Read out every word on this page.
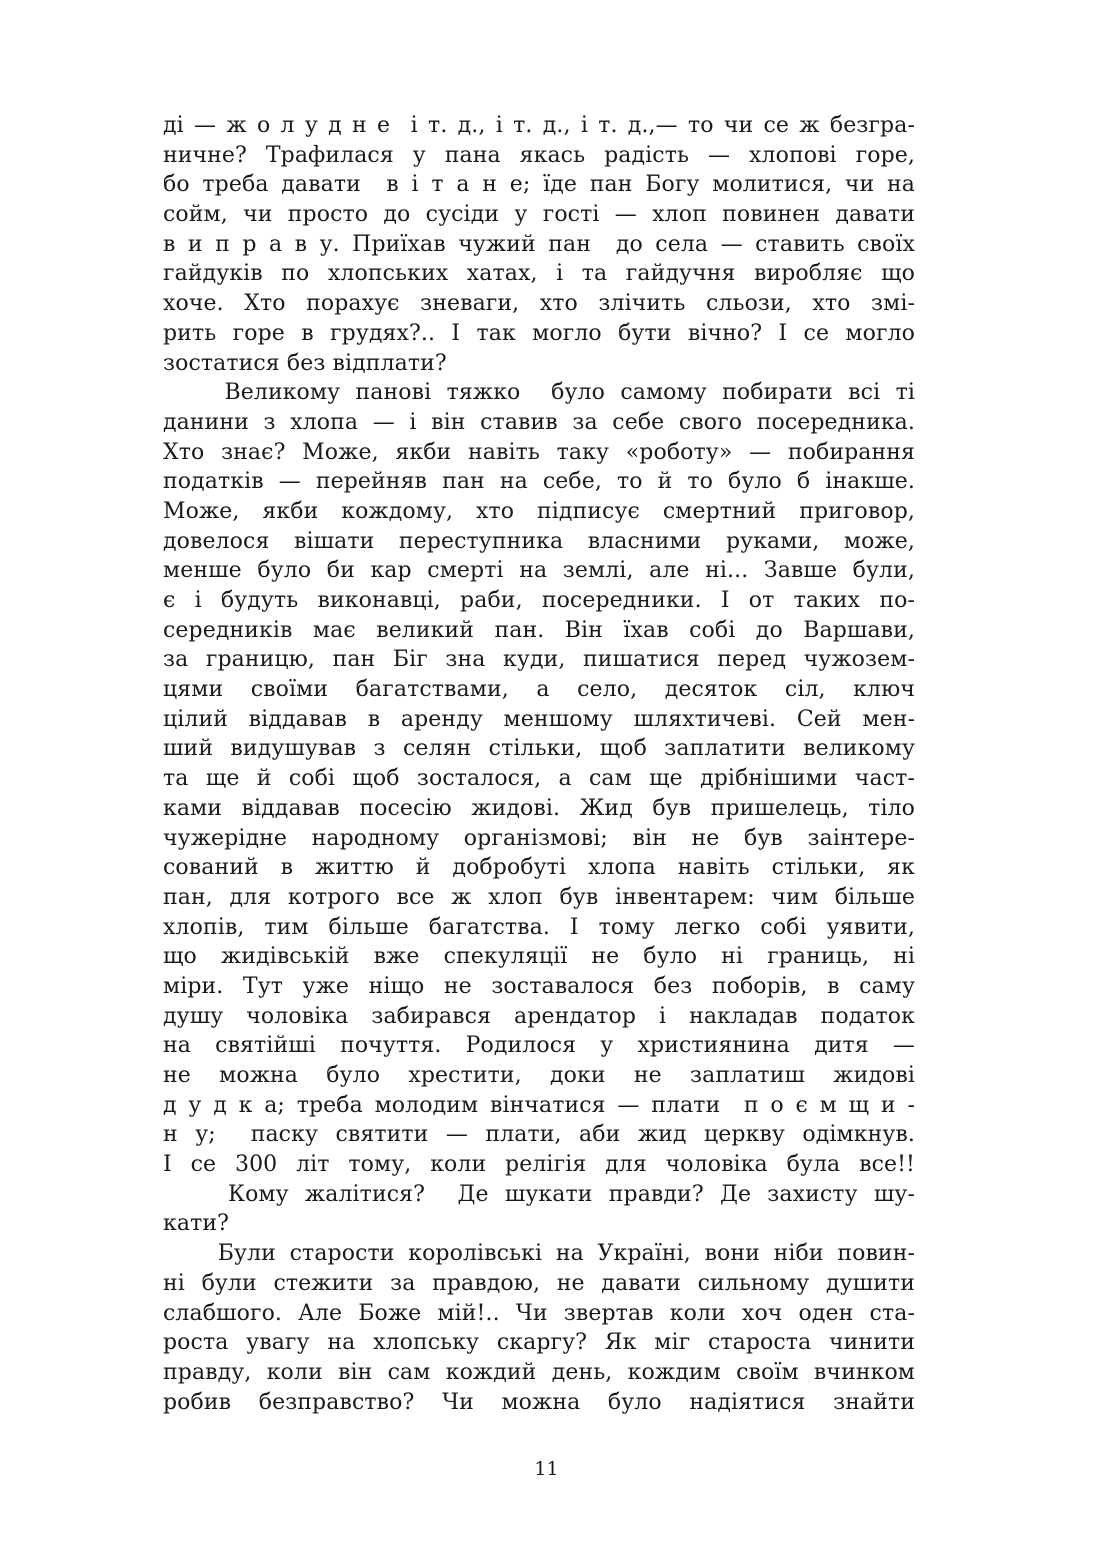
ді — ж о л у д н е  і т. д., і т. д., і т. д.,— то чи се ж безгра-
ничне? Трафилася у пана якась радість — хлопові горе,
бо треба давати  в і т а н е; їде пан Богу молитися, чи на
сойм, чи просто до сусіди у гості — хлоп повинен давати
в и п р а в у. Приїхав чужий пан  до села — ставить своїх
гайдуків по хлопських хатах, і та гайдучня виробляє що
хоче. Хто порахує зневаги, хто злічить сльози, хто змі-
рить горе в грудях?.. І так могло бути вічно? І се могло
зостатися без відплати?
Великому панові тяжко  було самому побирати всі ті
данини з хлопа — і він ставив за себе свого посередника.
Хто знає? Може, якби навіть таку «роботу» — побирання
податків — перейняв пан на себе, то й то було б інакше.
Може, якби кождому, хто підписує смертний приговор,
довелося вішати переступника власними руками, може,
менше було би кар смерті на землі, але ні... Завше були,
є і будуть виконавці, раби, посередники. І от таких по-
середників має великий пан. Він їхав собі до Варшави,
за границю, пан Біг зна куди, пишатися перед чужозем-
цями своїми багатствами, а село, десяток сіл, ключ
цілий віддавав в аренду меншому шляхтичеві. Сей мен-
ший видушував з селян стільки, щоб заплатити великому
та ще й собі щоб зосталося, а сам ще дрібнішими част-
ками віддавав посесію жидові. Жид був пришелець, тіло
чужерідне народному організмові; він не був заінтере-
сований в життю й добробуті хлопа навіть стільки, як
пан, для котрого все ж хлоп був інвентарем: чим більше
хлопів, тим більше багатства. І тому легко собі уявити,
що жидівській вже спекуляції не було ні границь, ні
міри. Тут уже ніщо не зоставалося без поборів, в саму
душу чоловіка забирався арендатор і накладав податок
на святійші почуття. Родилося у християнина дитя —
не можна було хрестити, доки не заплатиш жидові
д у д к а; треба молодим вінчатися — плати  п о є м щ и -
н у;  паску святити — плати, аби жид церкву одімкнув.
І се 300 літ тому, коли релігія для чоловіка була все!!
Кому жалітися?  Де шукати правди? Де захисту шу-
кати?
Були старости королівські на Україні, вони ніби повин-
ні були стежити за правдою, не давати сильному душити
слабшого. Але Боже мій!.. Чи звертав коли хоч оден ста-
роста увагу на хлопську скаргу? Як міг староста чинити
правду, коли він сам кождий день, кождим своїм вчинком
робив безправство? Чи можна було надіятися знайти
11
